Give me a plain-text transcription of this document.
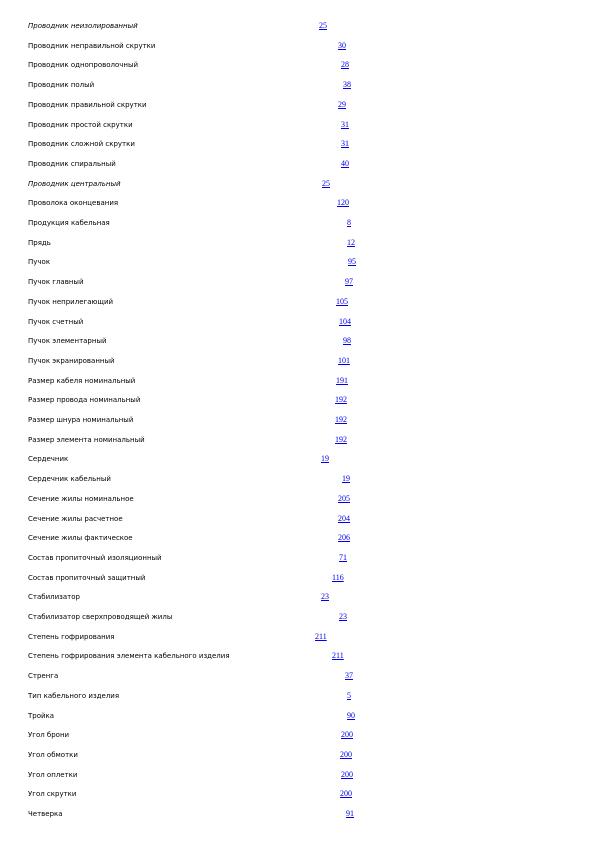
Проводник неизолированный	25
Проводник неправильной скрутки	30
Проводник однопроволочный	28
Проводник полый	38
Проводник правильной скрутки	29
Проводник простой скрутки	31
Проводник сложной скрутки	31
Проводник спиральный	40
Проводник центральный	25
Проволока оконцевания	120
Продукция кабельная	8
Прядь	12
Пучок	95
Пучок главный	97
Пучок неприлегающий	105
Пучок счетный	104
Пучок элементарный	98
Пучок экранированный	101
Размер кабеля номинальный	191
Размер провода номинальный	192
Размер шнура номинальный	192
Размер элемента номинальный	192
Сердечник	19
Сердечник кабельный	19
Сечение жилы номинальное	205
Сечение жилы расчетное	204
Сечение жилы фактическое	206
Состав пропиточный изоляционный	71
Состав пропиточный защитный	116
Стабилизатор	23
Стабилизатор сверхпроводящей жилы	23
Степень гофрирования	211
Степень гофрирования элемента кабельного изделия	211
Стренга	37
Тип кабельного изделия	5
Тройка	90
Угол брони	200
Угол обмотки	200
Угол оплетки	200
Угол скрутки	200
Четверка	91
